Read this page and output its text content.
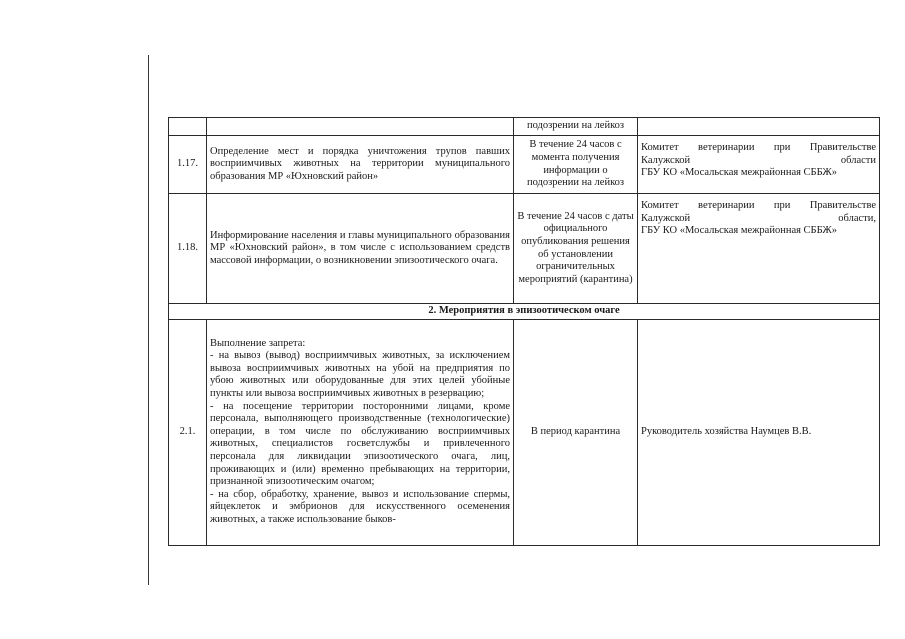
		подозрении на лейкоз	
1.17.	Определение мест и порядка уничтожения трупов павших восприимчивых животных на территории муниципального образования МР «Юхновский район»	В течение 24 часов с момента получения информации о подозрении на лейкоз	Комитет ветеринарии при Правительстве Калужской области
ГБУ КО «Мосальская межрайонная СББЖ»

1.18.	Информирование населения и главы муниципального образования МР «Юхновский район», в том числе с использованием средств массовой информации, о возникновении эпизоотического очага.	В течение 24 часов с даты официального опубликования решения об установлении ограничительных мероприятий (карантина)	Комитет ветеринарии при Правительстве Калужской области,
ГБУ КО «Мосальская межрайонная СББЖ»

2. Мероприятия в эпизоотическом очаге			
2.1.	Выполнение запрета:
- на вывоз (вывод) восприимчивых животных, за исключением вывоза восприимчивых животных на убой на предприятия по убою животных или оборудованные для этих целей убойные пункты или вывоза восприимчивых животных в резервацию;
- на посещение территории посторонними лицами, кроме персонала, выполняющего производственные (технологические) операции, в том числе по обслуживанию восприимчивых животных, специалистов госветслужбы и привлеченного персонала для ликвидации эпизоотического очага, лиц, проживающих и (или) временно пребывающих на территории, признанной эпизоотическим очагом;
- на сбор, обработку, хранение, вывоз и использование спермы, яйцеклеток и эмбрионов для искусственного осеменения животных, а также использование быков-	В период карантина	Руководитель хозяйства Наумцев В.В.
